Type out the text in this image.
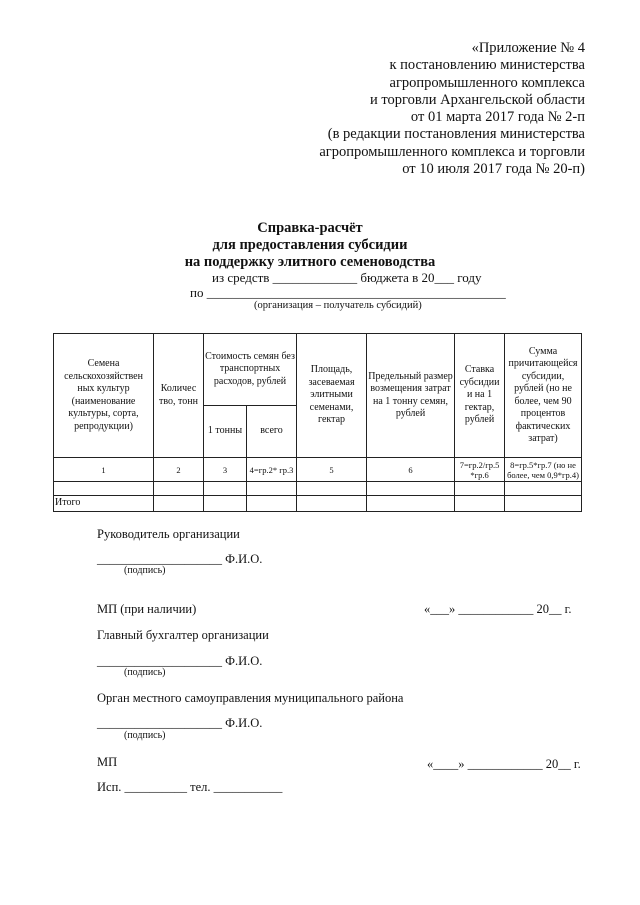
«Приложение № 4
к постановлению министерства
агропромышленного комплекса
и торговли Архангельской области
от 01 марта 2017 года № 2-п
(в редакции постановления министерства
агропромышленного комплекса и торговли
от 10 июля 2017 года № 20-п)
Справка-расчёт
для предоставления субсидии
на поддержку элитного семеноводства
из средств _____________ бюджета в 20___ году
по ______________________________________________
(организация – получатель субсидий)
Семена сельскохозяйствен ных культур (наименование культуры, сорта, репродукции)	Количес тво, тонн	Стоимость семян без транспортных расходов, рублей		Площадь, засеваемая элитными семенами, гектар	Предельный размер возмещения затрат на 1 тонну семян, рублей	Ставка субсидии и на 1 гектар, рублей	Сумма причитающейся субсидии, рублей (но не более, чем 90 процентов фактических затрат)
		1 тонны	всего				
1	2	3	4=гр.2* гр.3	5	6	7=гр.2/гр.5 *гр.6	8=гр.5*гр.7 (но не более, чем 0,9*гр.4)

Итого							
Руководитель организации
____________________ Ф.И.О.
(подпись)
МП (при наличии)	«___» ____________ 20__ г.
Главный бухгалтер организации
____________________ Ф.И.О.
(подпись)
Орган местного самоуправления муниципального района
____________________ Ф.И.О.
(подпись)
МП	«____» ____________ 20__ г.
Исп. __________ тел. ___________
